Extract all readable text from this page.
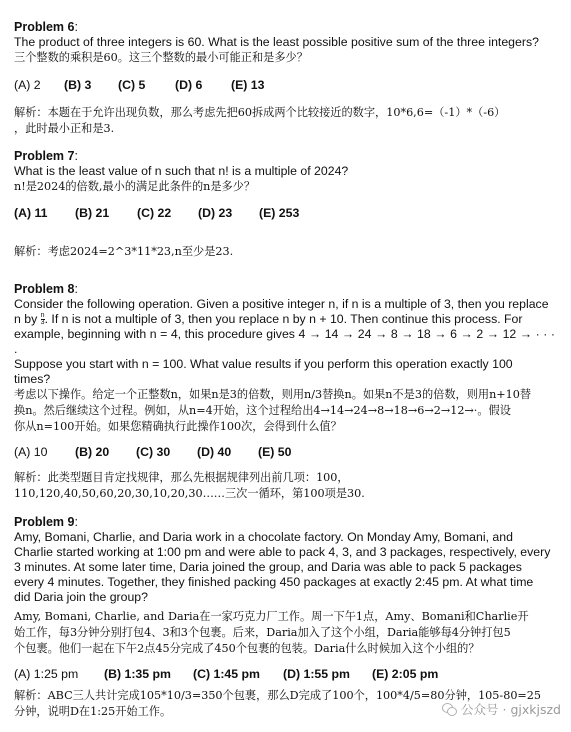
Problem 6:

The product of three integers is 60. What is the least possible positive sum of the three integers?

三个整数的乘积是60。这三个整数的最小可能正和是多少？

(A) 2	(B) 3	(C) 5	(D) 6	(E) 13

解析：本题在于允许出现负数，那么考虑先把60拆成两个比较接近的数字，10*6,6=（-1）*（-6）

，此时最小正和是3.

Problem 7:

What is the least value of n such that n! is a multiple of 2024?

n!是2024的倍数,最小的满足此条件的n是多少？

(A) 11	(B) 21	(C) 22	(D) 23	(E) 253

解析：考虑2024=2^3*11*23,n至少是23.

Problem 8:

Consider the following operation. Given a positive integer n, if n is a multiple of 3, then you replace

n by $\frac{n}{3}$ . If n is not a multiple of 3, then you replace n by n + 10. Then continue this process. For

example, beginning with n = 4, this procedure gives 4 → 14 → 24 → 8 → 18 → 6 → 2 → 12 → · · · .

Suppose you start with n = 100. What value results if you perform this operation exactly 100

times?

考虑以下操作。给定一个正整数n，如果n是3的倍数，则用n/3替换n。如果n不是3的倍数，则用n+10替

换n。然后继续这个过程。例如，从n=4开始，这个过程给出4→14→24→8→18→6→2→12→·。假设

你从n=100开始。如果您精确执行此操作100次，会得到什么值？

(A) 10	(B) 20	(C) 30	(D) 40	(E) 50

解析：此类型题目肯定找规律，那么先根据规律列出前几项：100，

110,120,40,50,60,20,30,10,20,30……三次一循环，第100项是30.

Problem 9:

Amy, Bomani, Charlie, and Daria work in a chocolate factory. On Monday Amy, Bomani, and

Charlie started working at 1:00 pm and were able to pack 4, 3, and 3 packages, respectively, every

3 minutes. At some later time, Daria joined the group, and Daria was able to pack 5 packages

every 4 minutes. Together, they finished packing 450 packages at exactly 2:45 pm. At what time

did Daria join the group?

Amy, Bomani, Charlie, and Daria在一家巧克力厂工作。周一下午1点，Amy、Bomani和Charlie开

始工作，每3分钟分别打包4、3和3个包裹。后来，Daria加入了这个小组，Daria能够每4分钟打包5

个包裹。他们一起在下午2点45分完成了450个包裹的包装。Daria什么时候加入这个小组的？

(A) 1:25 pm	(B) 1:35 pm	(C) 1:45 pm	(D) 1:55 pm	(E) 2:05 pm

解析：ABC三人共计完成105*10/3=350个包裹，那么D完成了100个，100*4/5=80分钟，105-80=25

分钟，说明D在1:25开始工作。	公众号 · gjxkjszd
